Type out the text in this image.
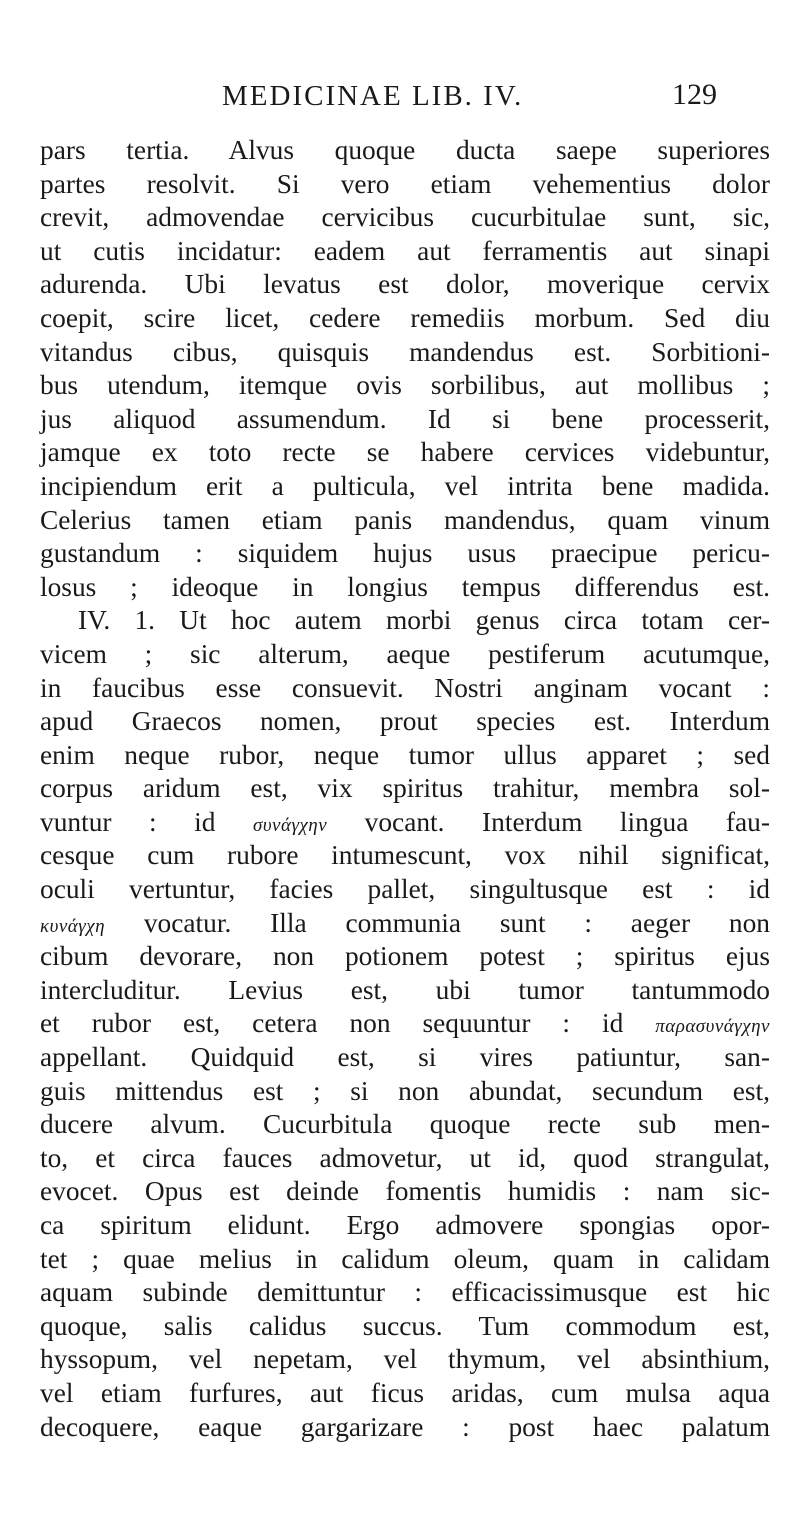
MEDICINAE LIB. IV.	129
pars tertia. Alvus quoque ducta saepe superiores
partes resolvit. Si vero etiam vehementius dolor
crevit, admovendae cervicibus cucurbitulae sunt, sic,
ut cutis incidatur: eadem aut ferramentis aut sinapi
adurenda. Ubi levatus est dolor, moverique cervix
coepit, scire licet, cedere remediis morbum. Sed diu
vitandus cibus, quisquis mandendus est. Sorbitioni-
bus utendum, itemque ovis sorbilibus, aut mollibus ;
jus aliquod assumendum. Id si bene processerit,
jamque ex toto recte se habere cervices videbuntur,
incipiendum erit a pulticula, vel intrita bene madida.
Celerius tamen etiam panis mandendus, quam vinum
gustandum : siquidem hujus usus praecipue pericu-
losus ; ideoque in longius tempus differendus est.
IV. 1. Ut hoc autem morbi genus circa totam cer-
vicem ; sic alterum, aeque pestiferum acutumque,
in faucibus esse consuevit. Nostri anginam vocant :
apud Graecos nomen, prout species est. Interdum
enim neque rubor, neque tumor ullus apparet ; sed
corpus aridum est, vix spiritus trahitur, membra sol-
vuntur : id συνάγχην vocant. Interdum lingua fau-
cesque cum rubore intumescunt, vox nihil significat,
oculi vertuntur, facies pallet, singultusque est : id
κυνάγχη vocatur. Illa communia sunt : aeger non
cibum devorare, non potionem potest ; spiritus ejus
intercluditur. Levius est, ubi tumor tantummodo
et rubor est, cetera non sequuntur : id παρασυνάγχην
appellant. Quidquid est, si vires patiuntur, san-
guis mittendus est ; si non abundat, secundum est,
ducere alvum. Cucurbitula quoque recte sub men-
to, et circa fauces admovetur, ut id, quod strangulat,
evocet. Opus est deinde fomentis humidis : nam sic-
ca spiritum elidunt. Ergo admovere spongias opor-
tet ; quae melius in calidum oleum, quam in calidam
aquam subinde demittuntur : efficacissimusque est hic
quoque, salis calidus succus. Tum commodum est,
hyssopum, vel nepetam, vel thymum, vel absinthium,
vel etiam furfures, aut ficus aridas, cum mulsa aqua
decoquere, eaque gargarizare : post haec palatum
